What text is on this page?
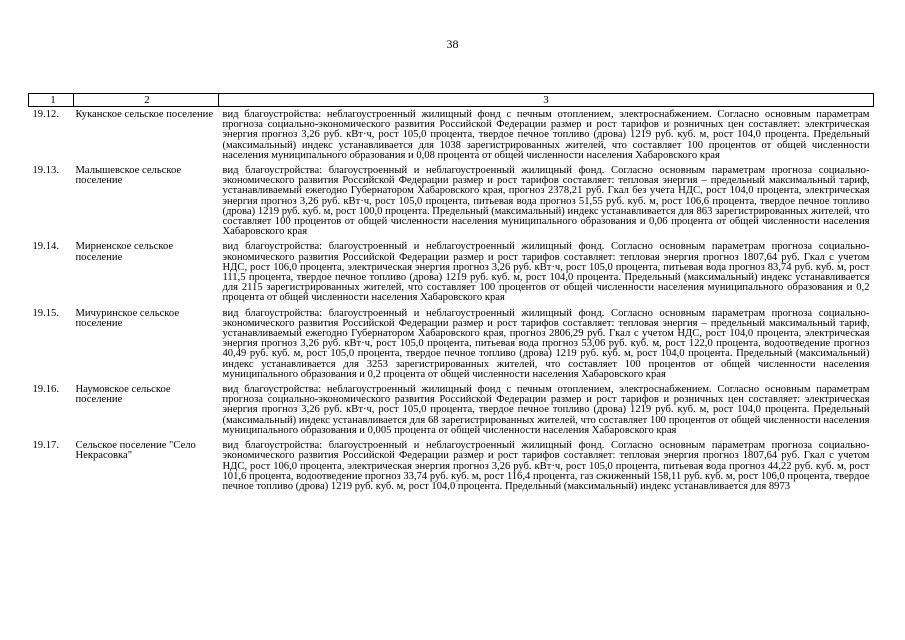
38
1	2	3
19.12.	Куканское сельское поселение	вид благоустройства: неблагоустроенный жилищный фонд с печным отоплением, электроснабжением. Согласно основным параметрам прогноза социально-экономического развития Российской Федерации размер и рост тарифов и розничных цен составляет: электрическая энергия прогноз 3,26 руб. кВт·ч, рост 105,0 процента, твердое печное топливо (дрова) 1219 руб. куб. м, рост 104,0 процента. Предельный (максимальный) индекс устанавливается для 1038 зарегистрированных жителей, что составляет 100 процентов от общей численности населения муниципального образования и 0,08 процента от общей численности населения Хабаровского края
19.13.	Малышевское сельское поселение	вид благоустройства: благоустроенный и неблагоустроенный жилищный фонд. Согласно основным параметрам прогноза социально-экономического развития Российской Федерации размер и рост тарифов составляет: тепловая энергия – предельный максимальный тариф, устанавливаемый ежегодно Губернатором Хабаровского края, прогноз 2378,21 руб. Гкал без учета НДС, рост 104,0 процента, электрическая энергия прогноз 3,26 руб. кВт·ч, рост 105,0 процента, питьевая вода прогноз 51,55 руб. куб. м, рост 106,6 процента, твердое печное топливо (дрова) 1219 руб. куб. м, рост 100,0 процента. Предельный (максимальный) индекс устанавливается для 863 зарегистрированных жителей, что составляет 100 процентов от общей численности населения муниципального образования и 0,06 процента от общей численности населения Хабаровского края
19.14.	Мирненское сельское поселение	вид благоустройства: благоустроенный и неблагоустроенный жилищный фонд. Согласно основным параметрам прогноза социально-экономического развития Российской Федерации размер и рост тарифов составляет: тепловая энергия прогноз 1807,64 руб. Гкал с учетом НДС, рост 106,0 процента, электрическая энергия прогноз 3,26 руб. кВт·ч, рост 105,0 процента, питьевая вода прогноз 83,74 руб. куб. м, рост 111,5 процента, твердое печное топливо (дрова) 1219 руб. куб. м, рост 104,0 процента. Предельный (максимальный) индекс устанавливается для 2115 зарегистрированных жителей, что составляет 100 процентов от общей численности населения муниципального образования и 0,2 процента от общей численности населения Хабаровского края
19.15.	Мичуринское сельское поселение	вид благоустройства: благоустроенный и неблагоустроенный жилищный фонд. Согласно основным параметрам прогноза социально-экономического развития Российской Федерации размер и рост тарифов составляет: тепловая энергия – предельный максимальный тариф, устанавливаемый ежегодно Губернатором Хабаровского края, прогноз 2806,29 руб. Гкал с учетом НДС, рост 104,0 процента, электрическая энергия прогноз 3,26 руб. кВт·ч, рост 105,0 процента, питьевая вода прогноз 53,06 руб. куб. м, рост 122,0 процента, водоотведение прогноз 40,49 руб. куб. м, рост 105,0 процента, твердое печное топливо (дрова) 1219 руб. куб. м, рост 104,0 процента. Предельный (максимальный) индекс устанавливается для 3253 зарегистрированных жителей, что составляет 100 процентов от общей численности населения муниципального образования и 0,2 процента от общей численности населения Хабаровского края
19.16.	Наумовское сельское поселение	вид благоустройства: неблагоустроенный жилищный фонд с печным отоплением, электроснабжением. Согласно основным параметрам прогноза социально-экономического развития Российской Федерации размер и рост тарифов и розничных цен составляет: электрическая энергия прогноз 3,26 руб. кВт·ч, рост 105,0 процента, твердое печное топливо (дрова) 1219 руб. куб. м, рост 104,0 процента. Предельный (максимальный) индекс устанавливается для 68 зарегистрированных жителей, что составляет 100 процентов от общей численности населения муниципального образования и 0,005 процента от общей численности населения Хабаровского края
19.17.	Сельское поселение "Село Некрасовка"	вид благоустройства: благоустроенный и неблагоустроенный жилищный фонд. Согласно основным параметрам прогноза социально-экономического развития Российской Федерации размер и рост тарифов составляет: тепловая энергия прогноз 1807,64 руб. Гкал с учетом НДС, рост 106,0 процента, электрическая энергия прогноз 3,26 руб. кВт·ч, рост 105,0 процента, питьевая вода прогноз 44,22 руб. куб. м, рост 101,6 процента, водоотведение прогноз 33,74 руб. куб. м, рост 116,4 процента, газ сжиженный 158,11 руб. куб. м, рост 106,0 процента, твердое печное топливо (дрова) 1219 руб. куб. м, рост 104,0 процента. Предельный (максимальный) индекс устанавливается для 8973
